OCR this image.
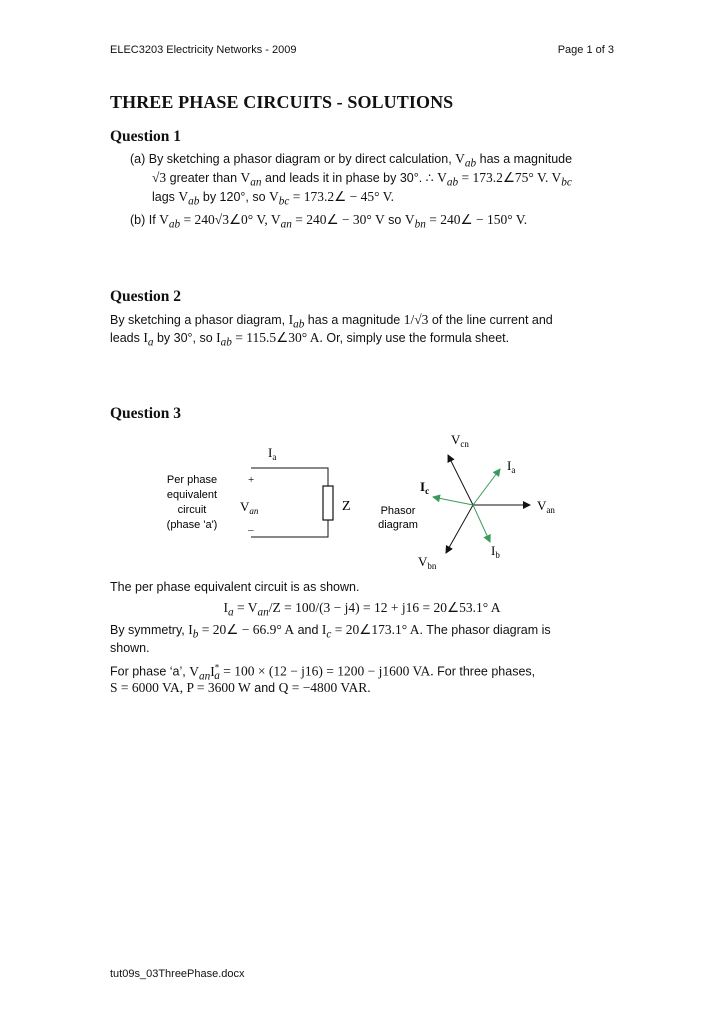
ELEC3203 Electricity Networks - 2009	Page 1 of 3
THREE PHASE CIRCUITS - SOLUTIONS
Question 1
(a) By sketching a phasor diagram or by direct calculation, $V_{ab}$ has a magnitude
√3 greater than $V_{an}$ and leads it in phase by 30°. ∴ $V_{ab}$ = 173.2∠75° V. $V_{bc}$
lags $V_{ab}$ by 120°, so $V_{bc}$ = 173.2∠ − 45° V.
(b) If $V_{ab}$ = 240√3∠0° V, $V_{an}$ = 240∠ − 30° V so $V_{bn}$ = 240∠ − 150° V.
Question 2
By sketching a phasor diagram, $I_{ab}$ has a magnitude 1/√3 of the line current and
leads $I_a$ by 30°, so $I_{ab}$ = 115.5∠30° A. Or, simply use the formula sheet.
Question 3
Per phase
equivalent
circuit
(phase 'a')
$I_a$
+
$V_{an}$
_
Z	Phasor
diagram
$V_{cn}$
$V_{an}$
$V_{bn}$
$I_a$
$I_b$
$I_c$
The per phase equivalent circuit is as shown.
$I_a = V_{an}/Z = 100/(3 - j4) = 12 + j16$ = 20∠53.1° A
By symmetry, $I_b$ = 20∠ − 66.9° A and $I_c$ = 20∠173.1° A. The phasor diagram is
shown.
For phase ‘a’, $V_{an}I^*_a = 100 \times (12 - j16) = 1200 - j1600$ VA. For three phases,
S = 6000 VA, P = 3600 W and Q = −4800 VAR.
tut09s_03ThreePhase.docx
